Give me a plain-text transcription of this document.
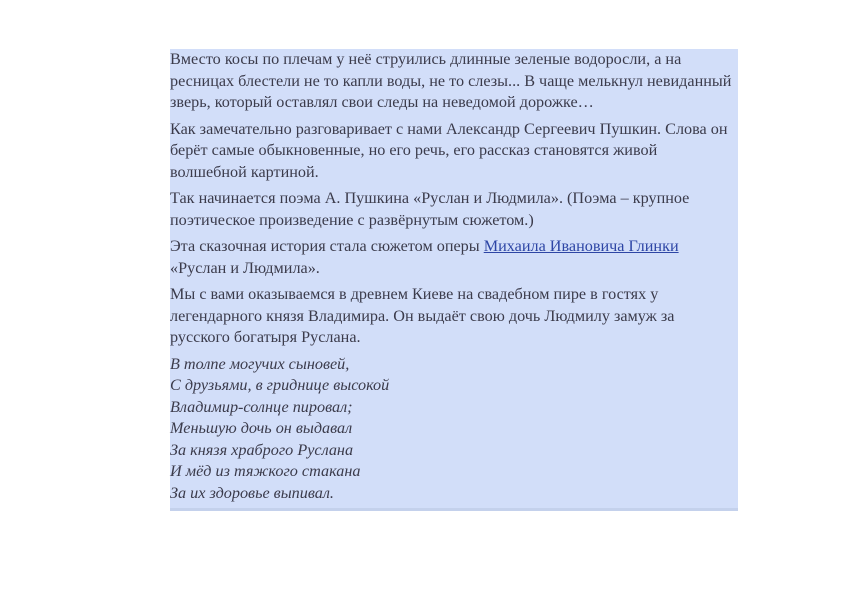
Вместо косы по плечам у неё струились длинные зеленые водоросли, а на ресницах блестели не то капли воды, не то слезы... В чаще мелькнул невиданный зверь, который оставлял свои следы на неведомой дорожке…

Как замечательно разговаривает с нами Александр Сергеевич Пушкин. Слова он берёт самые обыкновенные, но его речь, его рассказ становятся живой волшебной картиной.

Так начинается поэма А. Пушкина «Руслан и Людмила». (Поэма – крупное поэтическое произведение с развёрнутым сюжетом.)

Эта сказочная история стала сюжетом оперы Михаила Ивановича Глинки «Руслан и Людмила».

Мы с вами оказываемся в древнем Киеве на свадебном пире в гостях у легендарного князя Владимира. Он выдаёт свою дочь Людмилу замуж за русского богатыря Руслана.

В толпе могучих сыновей,
С друзьями, в гриднице высокой
Владимир-солнце пировал;
Меньшую дочь он выдавал
За князя храброго Руслана
И мёд из тяжкого стакана
За их здоровье выпивал.
